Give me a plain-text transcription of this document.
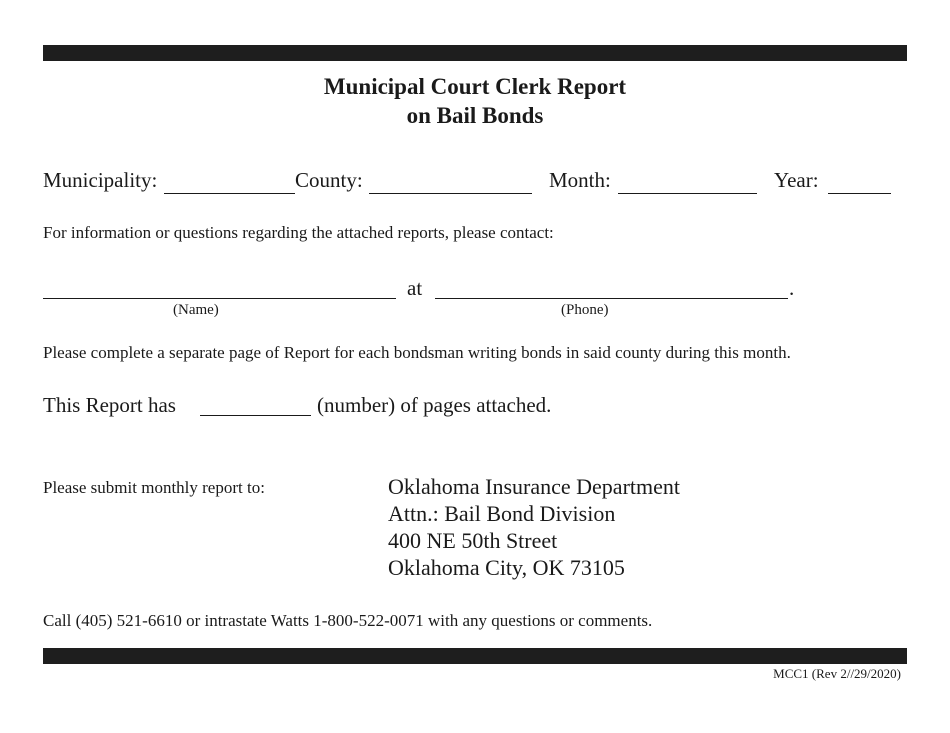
Municipal Court Clerk Report
on Bail Bonds
Municipality:	County:	Month:	Year:
For information or questions regarding the attached reports, please contact:
at	.
(Name)	(Phone)
Please complete a separate page of Report for each bondsman writing bonds in said county during this month.
This Report has	(number) of pages attached.
Please submit monthly report to:	Oklahoma Insurance Department
Attn.: Bail Bond Division
400 NE 50th Street
Oklahoma City, OK 73105
Call (405) 521-6610 or intrastate Watts 1-800-522-0071 with any questions or comments.
MCC1 (Rev 2//29/2020)
